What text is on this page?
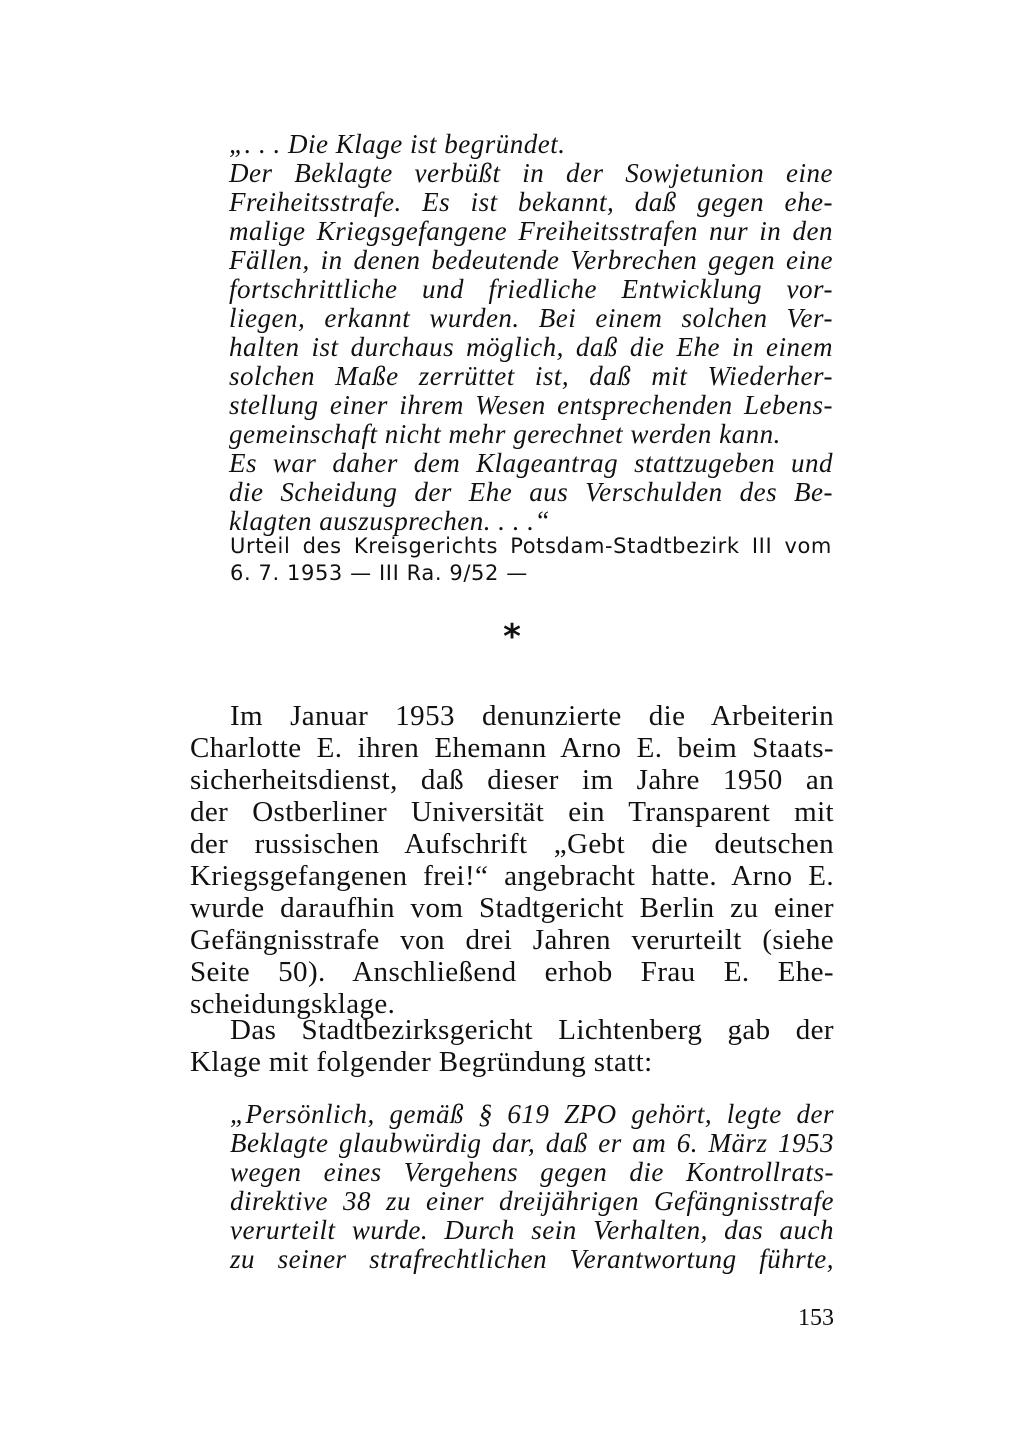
„. . . Die Klage ist begründet.
Der Beklagte verbüßt in der Sowjetunion eine
Freiheitsstrafe. Es ist bekannt, daß gegen ehe-
malige Kriegsgefangene Freiheitsstrafen nur in den
Fällen, in denen bedeutende Verbrechen gegen eine
fortschrittliche und friedliche Entwicklung vor-
liegen, erkannt wurden. Bei einem solchen Ver-
halten ist durchaus möglich, daß die Ehe in einem
solchen Maße zerrüttet ist, daß mit Wiederher-
stellung einer ihrem Wesen entsprechenden Lebens-
gemeinschaft nicht mehr gerechnet werden kann.
Es war daher dem Klageantrag stattzugeben und
die Scheidung der Ehe aus Verschulden des Be-
klagten auszusprechen. . . .“
Urteil des Kreisgerichts Potsdam-Stadtbezirk III vom
6. 7. 1953 — III Ra. 9/52 —
*
Im Januar 1953 denunzierte die Arbeiterin
Charlotte E. ihren Ehemann Arno E. beim Staats-
sicherheitsdienst, daß dieser im Jahre 1950 an
der Ostberliner Universität ein Transparent mit
der russischen Aufschrift „Gebt die deutschen
Kriegsgefangenen frei!“ angebracht hatte. Arno E.
wurde daraufhin vom Stadtgericht Berlin zu einer
Gefängnisstrafe von drei Jahren verurteilt (siehe
Seite 50). Anschließend erhob Frau E. Ehe-
scheidungsklage.
Das Stadtbezirksgericht Lichtenberg gab der
Klage mit folgender Begründung statt:
„Persönlich, gemäß § 619 ZPO gehört, legte der
Beklagte glaubwürdig dar, daß er am 6. März 1953
wegen eines Vergehens gegen die Kontrollrats-
direktive 38 zu einer dreijährigen Gefängnisstrafe
verurteilt wurde. Durch sein Verhalten, das auch
zu seiner strafrechtlichen Verantwortung führte,
153
